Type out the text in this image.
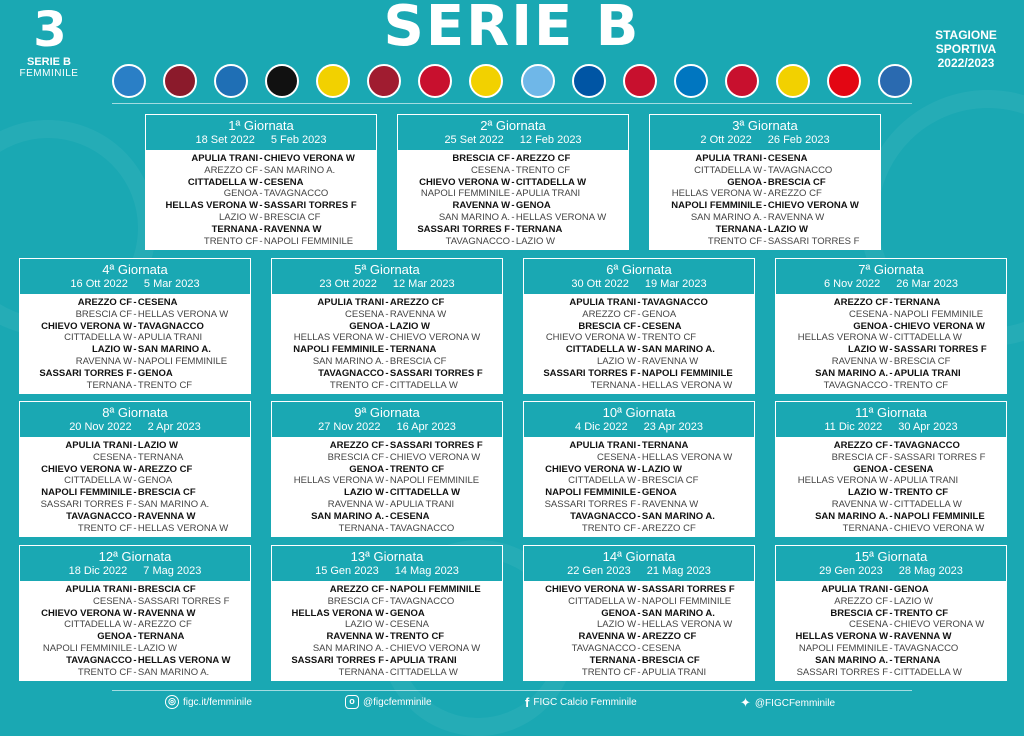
3
SERIE B
FEMMINILE
SERIE B	STAGIONE
SPORTIVA
2022/2023
1ª Giornata
18 Set 2022 5 Feb 2023
APULIA TRANI - CHIEVO VERONA W
AREZZO CF - SAN MARINO A.
CITTADELLA W - CESENA
GENOA - TAVAGNACCO
HELLAS VERONA W - SASSARI TORRES F
LAZIO W - BRESCIA CF
TERNANA - RAVENNA W
TRENTO CF - NAPOLI FEMMINILE
2ª Giornata
25 Set 2022 12 Feb 2023
BRESCIA CF - AREZZO CF
CESENA - TRENTO CF
CHIEVO VERONA W - CITTADELLA W
NAPOLI FEMMINILE - APULIA TRANI
RAVENNA W - GENOA
SAN MARINO A. - HELLAS VERONA W
SASSARI TORRES F - TERNANA
TAVAGNACCO - LAZIO W
3ª Giornata
2 Ott 2022 26 Feb 2023
APULIA TRANI - CESENA
CITTADELLA W - TAVAGNACCO
GENOA - BRESCIA CF
HELLAS VERONA W - AREZZO CF
NAPOLI FEMMINILE - CHIEVO VERONA W
SAN MARINO A. - RAVENNA W
TERNANA - LAZIO W
TRENTO CF - SASSARI TORRES F
4ª Giornata
16 Ott 2022 5 Mar 2023
AREZZO CF - CESENA
BRESCIA CF - HELLAS VERONA W
CHIEVO VERONA W - TAVAGNACCO
CITTADELLA W - APULIA TRANI
LAZIO W - SAN MARINO A.
RAVENNA W - NAPOLI FEMMINILE
SASSARI TORRES F - GENOA
TERNANA - TRENTO CF
5ª Giornata
23 Ott 2022 12 Mar 2023
APULIA TRANI - AREZZO CF
CESENA - RAVENNA W
GENOA - LAZIO W
HELLAS VERONA W - CHIEVO VERONA W
NAPOLI FEMMINILE - TERNANA
SAN MARINO A. - BRESCIA CF
TAVAGNACCO - SASSARI TORRES F
TRENTO CF - CITTADELLA W
6ª Giornata
30 Ott 2022 19 Mar 2023
APULIA TRANI - TAVAGNACCO
AREZZO CF - GENOA
BRESCIA CF - CESENA
CHIEVO VERONA W - TRENTO CF
CITTADELLA W - SAN MARINO A.
LAZIO W - RAVENNA W
SASSARI TORRES F - NAPOLI FEMMINILE
TERNANA - HELLAS VERONA W
7ª Giornata
6 Nov 2022 26 Mar 2023
AREZZO CF - TERNANA
CESENA - NAPOLI FEMMINILE
GENOA - CHIEVO VERONA W
HELLAS VERONA W - CITTADELLA W
LAZIO W - SASSARI TORRES F
RAVENNA W - BRESCIA CF
SAN MARINO A. - APULIA TRANI
TAVAGNACCO - TRENTO CF
8ª Giornata
20 Nov 2022 2 Apr 2023
APULIA TRANI - LAZIO W
CESENA - TERNANA
CHIEVO VERONA W - AREZZO CF
CITTADELLA W - GENOA
NAPOLI FEMMINILE - BRESCIA CF
SASSARI TORRES F - SAN MARINO A.
TAVAGNACCO - RAVENNA W
TRENTO CF - HELLAS VERONA W
9ª Giornata
27 Nov 2022 16 Apr 2023
AREZZO CF - SASSARI TORRES F
BRESCIA CF - CHIEVO VERONA W
GENOA - TRENTO CF
HELLAS VERONA W - NAPOLI FEMMINILE
LAZIO W - CITTADELLA W
RAVENNA W - APULIA TRANI
SAN MARINO A. - CESENA
TERNANA - TAVAGNACCO
10ª Giornata
4 Dic 2022 23 Apr 2023
APULIA TRANI - TERNANA
CESENA - HELLAS VERONA W
CHIEVO VERONA W - LAZIO W
CITTADELLA W - BRESCIA CF
NAPOLI FEMMINILE - GENOA
SASSARI TORRES F - RAVENNA W
TAVAGNACCO - SAN MARINO A.
TRENTO CF - AREZZO CF
11ª Giornata
11 Dic 2022 30 Apr 2023
AREZZO CF - TAVAGNACCO
BRESCIA CF - SASSARI TORRES F
GENOA - CESENA
HELLAS VERONA W - APULIA TRANI
LAZIO W - TRENTO CF
RAVENNA W - CITTADELLA W
SAN MARINO A. - NAPOLI FEMMINILE
TERNANA - CHIEVO VERONA W
12ª Giornata
18 Dic 2022 7 Mag 2023
APULIA TRANI - BRESCIA CF
CESENA - SASSARI TORRES F
CHIEVO VERONA W - RAVENNA W
CITTADELLA W - AREZZO CF
GENOA - TERNANA
NAPOLI FEMMINILE - LAZIO W
TAVAGNACCO - HELLAS VERONA W
TRENTO CF - SAN MARINO A.
13ª Giornata
15 Gen 2023 14 Mag 2023
AREZZO CF - NAPOLI FEMMINILE
BRESCIA CF - TAVAGNACCO
HELLAS VERONA W - GENOA
LAZIO W - CESENA
RAVENNA W - TRENTO CF
SAN MARINO A. - CHIEVO VERONA W
SASSARI TORRES F - APULIA TRANI
TERNANA - CITTADELLA W
14ª Giornata
22 Gen 2023 21 Mag 2023
CHIEVO VERONA W - SASSARI TORRES F
CITTADELLA W - NAPOLI FEMMINILE
GENOA - SAN MARINO A.
LAZIO W - HELLAS VERONA W
RAVENNA W - AREZZO CF
TAVAGNACCO - CESENA
TERNANA - BRESCIA CF
TRENTO CF - APULIA TRANI
15ª Giornata
29 Gen 2023 28 Mag 2023
APULIA TRANI - GENOA
AREZZO CF - LAZIO W
BRESCIA CF - TRENTO CF
CESENA - CHIEVO VERONA W
HELLAS VERONA W - RAVENNA W
NAPOLI FEMMINILE - TAVAGNACCO
SAN MARINO A. - TERNANA
SASSARI TORRES F - CITTADELLA W
◎ figc.it/femminile	o @figcfemminile	f FIGC Calcio Femminile	✦ @FIGCFemminile
